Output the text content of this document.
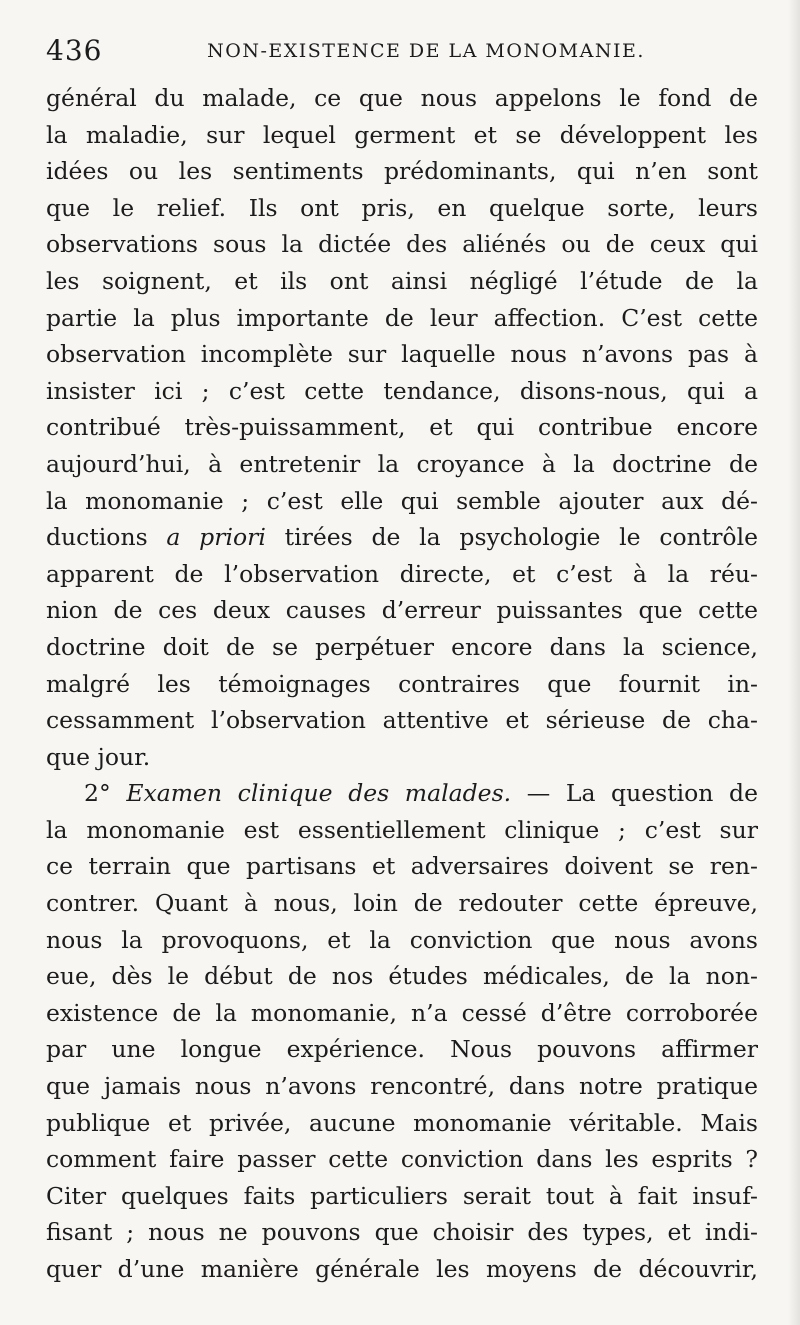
436	NON-EXISTENCE DE LA MONOMANIE.
général du malade, ce que nous appelons le fond de
la maladie, sur lequel germent et se développent les
idées ou les sentiments prédominants, qui n’en sont
que le relief. Ils ont pris, en quelque sorte, leurs
observations sous la dictée des aliénés ou de ceux qui
les soignent, et ils ont ainsi négligé l’étude de la
partie la plus importante de leur affection. C’est cette
observation incomplète sur laquelle nous n’avons pas à
insister ici ; c’est cette tendance, disons-nous, qui a
contribué très-puissamment, et qui contribue encore
aujourd’hui, à entretenir la croyance à la doctrine de
la monomanie ; c’est elle qui semble ajouter aux dé-
ductions a priori tirées de la psychologie le contrôle
apparent de l’observation directe, et c’est à la réu-
nion de ces deux causes d’erreur puissantes que cette
doctrine doit de se perpétuer encore dans la science,
malgré les témoignages contraires que fournit in-
cessamment l’observation attentive et sérieuse de cha-
que jour.
2° Examen clinique des malades. — La question de
la monomanie est essentiellement clinique ; c’est sur
ce terrain que partisans et adversaires doivent se ren-
contrer. Quant à nous, loin de redouter cette épreuve,
nous la provoquons, et la conviction que nous avons
eue, dès le début de nos études médicales, de la non-
existence de la monomanie, n’a cessé d’être corroborée
par une longue expérience. Nous pouvons affirmer
que jamais nous n’avons rencontré, dans notre pratique
publique et privée, aucune monomanie véritable. Mais
comment faire passer cette conviction dans les esprits ?
Citer quelques faits particuliers serait tout à fait insuf-
fisant ; nous ne pouvons que choisir des types, et indi-
quer d’une manière générale les moyens de découvrir,
